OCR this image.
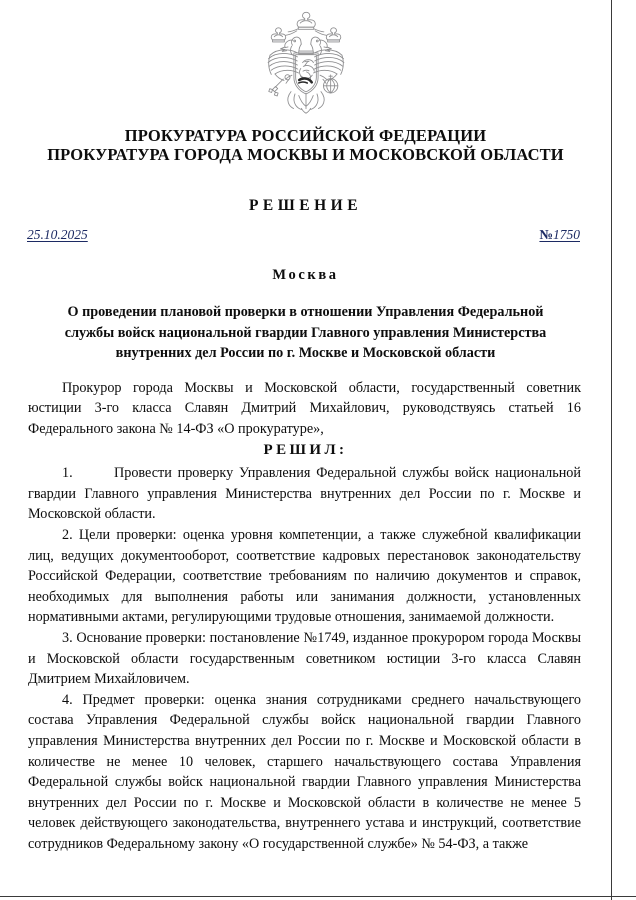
ПРОКУРАТУРА РОССИЙСКОЙ ФЕДЕРАЦИИ
ПРОКУРАТУРА ГОРОДА МОСКВЫ И МОСКОВСКОЙ ОБЛАСТИ
РЕШЕНИЕ
25.10.2025	№1750
Москва
О проведении плановой проверки в отношении Управления Федеральной службы войск национальной гвардии Главного управления Министерства внутренних дел России по г. Москве и Московской области

Прокурор города Москвы и Московской области, государственный советник юстиции 3-го класса Славян Дмитрий Михайлович, руководствуясь статьей 16 Федерального закона № 14-ФЗ «О прокуратуре»,

РЕШИЛ:

1.	Провести проверку Управления Федеральной службы войск национальной гвардии Главного управления Министерства внутренних дел России по г. Москве и Московской области.

2. Цели проверки: оценка уровня компетенции, а также служебной квалификации лиц, ведущих документооборот, соответствие кадровых перестановок законодательству Российской Федерации, соответствие требованиям по наличию документов и справок, необходимых для выполнения работы или занимания должности, установленных нормативными актами, регулирующими трудовые отношения, занимаемой должности.

3. Основание проверки: постановление №1749, изданное прокурором города Москвы и Московской области государственным советником юстиции 3-го класса Славян Дмитрием Михайловичем.

4. Предмет проверки: оценка знания сотрудниками среднего начальствующего состава Управления Федеральной службы войск национальной гвардии Главного управления Министерства внутренних дел России по г. Москве и Московской области в количестве не менее 10 человек, старшего начальствующего состава Управления Федеральной службы войск национальной гвардии Главного управления Министерства внутренних дел России по г. Москве и Московской области в количестве не менее 5 человек действующего законодательства, внутреннего устава и инструкций, соответствие сотрудников Федеральному закону «О государственной службе» № 54-ФЗ, а также
